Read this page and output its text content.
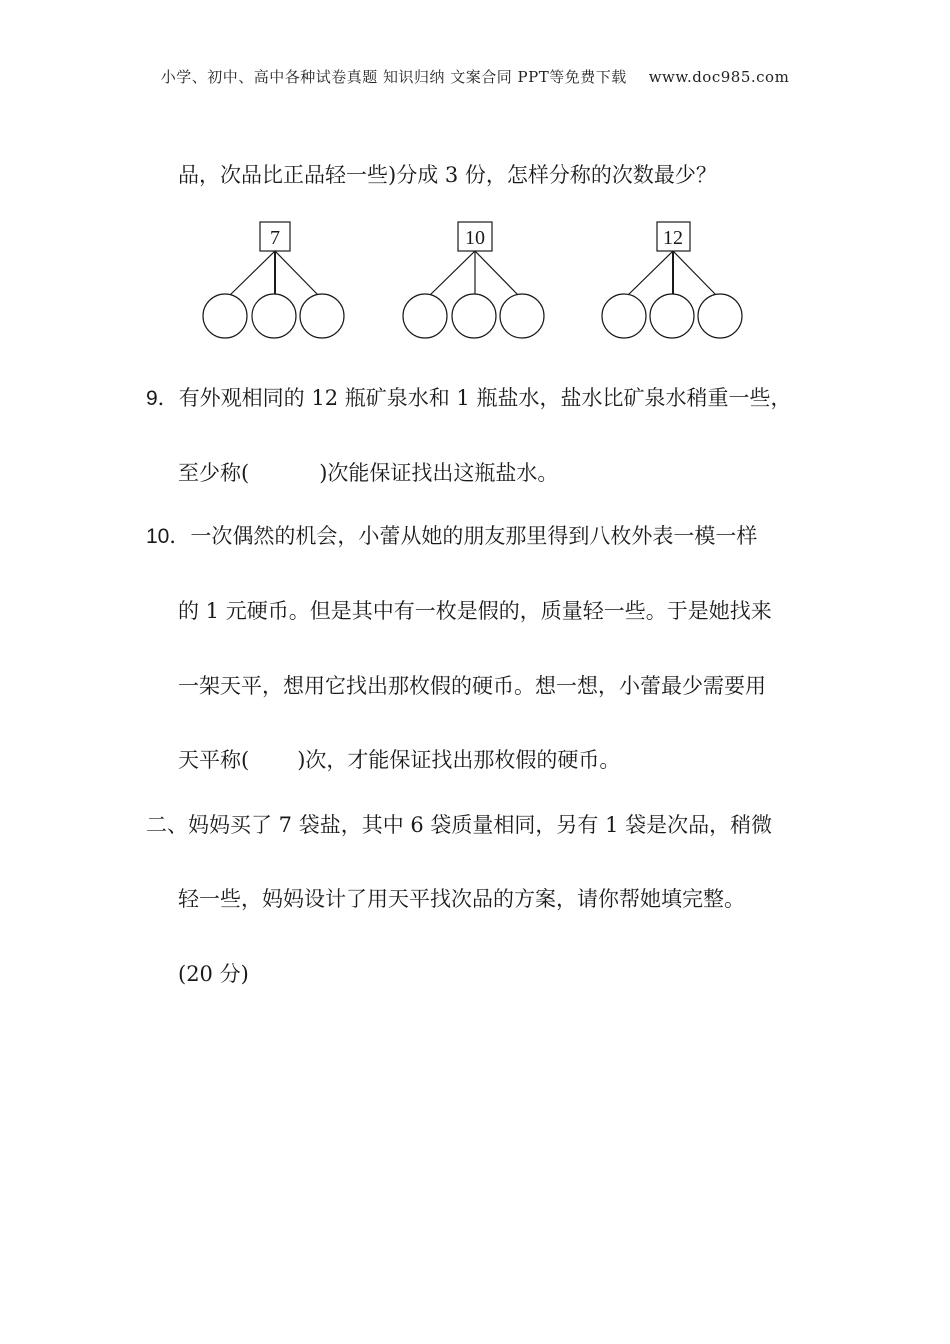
小学、初中、高中各种试卷真题 知识归纳 文案合同 PPT等免费下载 www.doc985.com
品，次品比正品轻一些)分成 3 份，怎样分称的次数最少？
7	10	12
9．有外观相同的 12 瓶矿泉水和 1 瓶盐水，盐水比矿泉水稍重一些，
至少称(	)次能保证找出这瓶盐水。
10．一次偶然的机会，小蕾从她的朋友那里得到八枚外表一模一样
的 1 元硬币。但是其中有一枚是假的，质量轻一些。于是她找来
一架天平，想用它找出那枚假的硬币。想一想，小蕾最少需要用
天平称( )次，才能保证找出那枚假的硬币。
二、妈妈买了 7 袋盐，其中 6 袋质量相同，另有 1 袋是次品，稍微
轻一些，妈妈设计了用天平找次品的方案，请你帮她填完整。
(20 分)
